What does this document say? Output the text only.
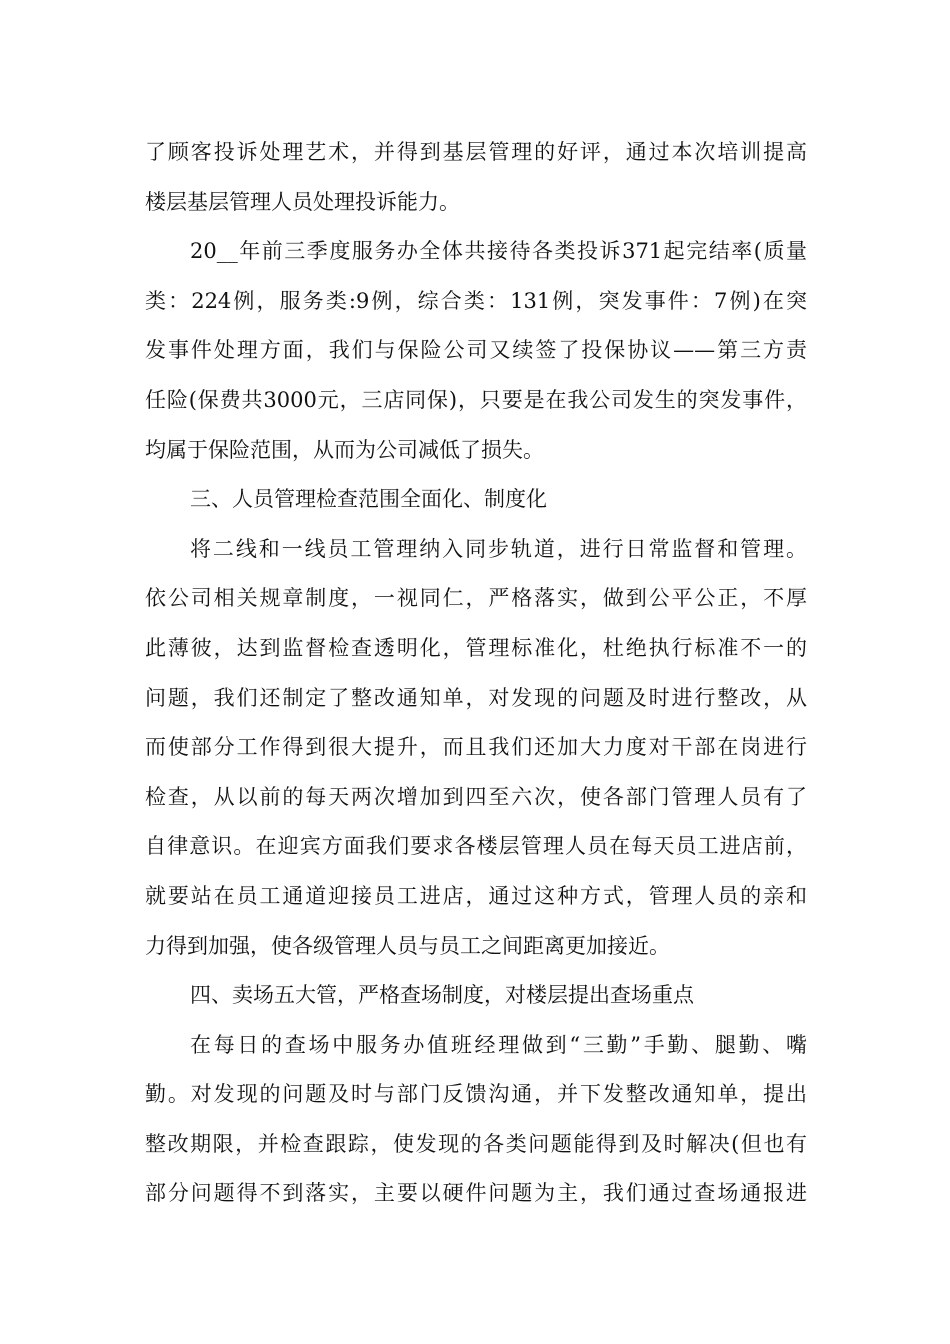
了顾客投诉处理艺术，并得到基层管理的好评，通过本次培训提高
楼层基层管理人员处理投诉能力。
20__年前三季度服务办全体共接待各类投诉371起完结率(质量
类：224例，服务类:9例，综合类：131例，突发事件：7例)在突
发事件处理方面，我们与保险公司又续签了投保协议——第三方责
任险(保费共3000元，三店同保)，只要是在我公司发生的突发事件，
均属于保险范围，从而为公司减低了损失。
三、人员管理检查范围全面化、制度化
将二线和一线员工管理纳入同步轨道，进行日常监督和管理。
依公司相关规章制度，一视同仁，严格落实，做到公平公正，不厚
此薄彼，达到监督检查透明化，管理标准化，杜绝执行标准不一的
问题，我们还制定了整改通知单，对发现的问题及时进行整改，从
而使部分工作得到很大提升，而且我们还加大力度对干部在岗进行
检查，从以前的每天两次增加到四至六次，使各部门管理人员有了
自律意识。在迎宾方面我们要求各楼层管理人员在每天员工进店前，
就要站在员工通道迎接员工进店，通过这种方式，管理人员的亲和
力得到加强，使各级管理人员与员工之间距离更加接近。
四、卖场五大管，严格查场制度，对楼层提出查场重点
在每日的查场中服务办值班经理做到“三勤”手勤、腿勤、嘴
勤。对发现的问题及时与部门反馈沟通，并下发整改通知单，提出
整改期限，并检查跟踪，使发现的各类问题能得到及时解决(但也有
部分问题得不到落实，主要以硬件问题为主，我们通过查场通报进
